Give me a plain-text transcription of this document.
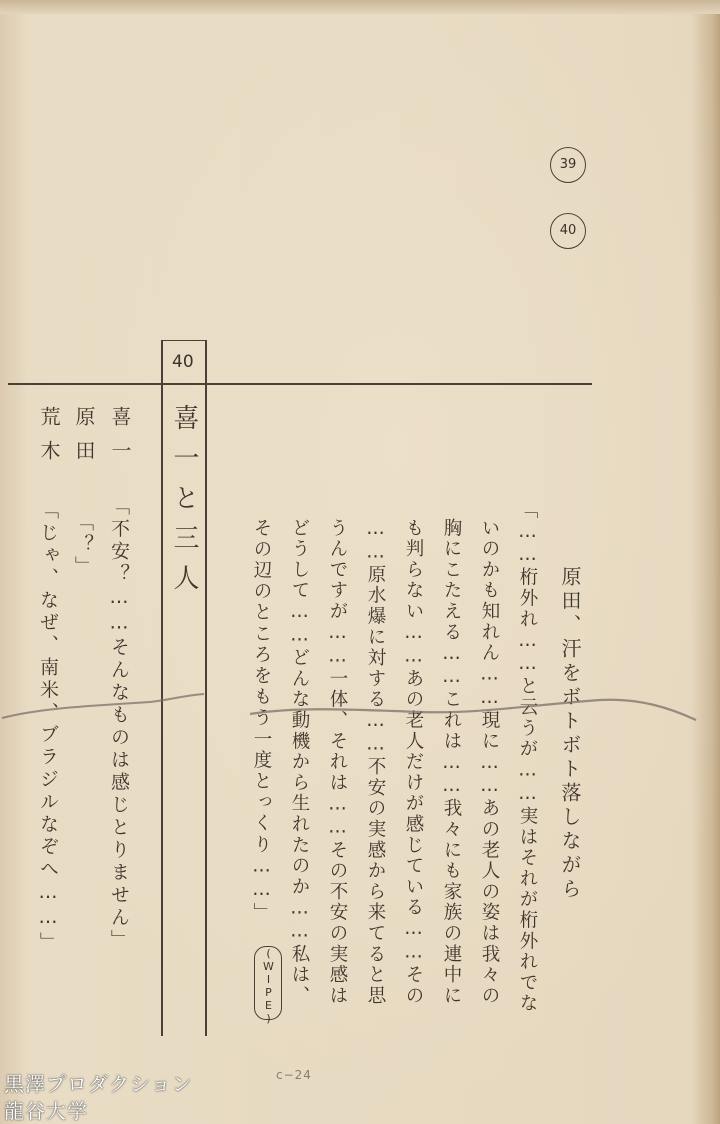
39
40
40
喜一と三人
喜一
「不安？……そんなものは感じとりません」
原田
「？」
荒木
「じゃ、なぜ、南米、ブラジルなぞへ……」	原田、汗をボトボト落しながら
「……桁外れ……と云うが……実はそれが桁外れでな
いのかも知れん……現に……あの老人の姿は我々の
胸にこたえる……これは……我々にも家族の連中に
も判らない……あの老人だけが感じている……その
……原水爆に対する……不安の実感から来てると思
うんですが……一体、それは……その不安の実感は
どうして……どんな動機から生れたのか……私は、
その辺のところをもう一度とっくり……」
(WIPE)
c−24
黒澤プロダクション
龍谷大学
